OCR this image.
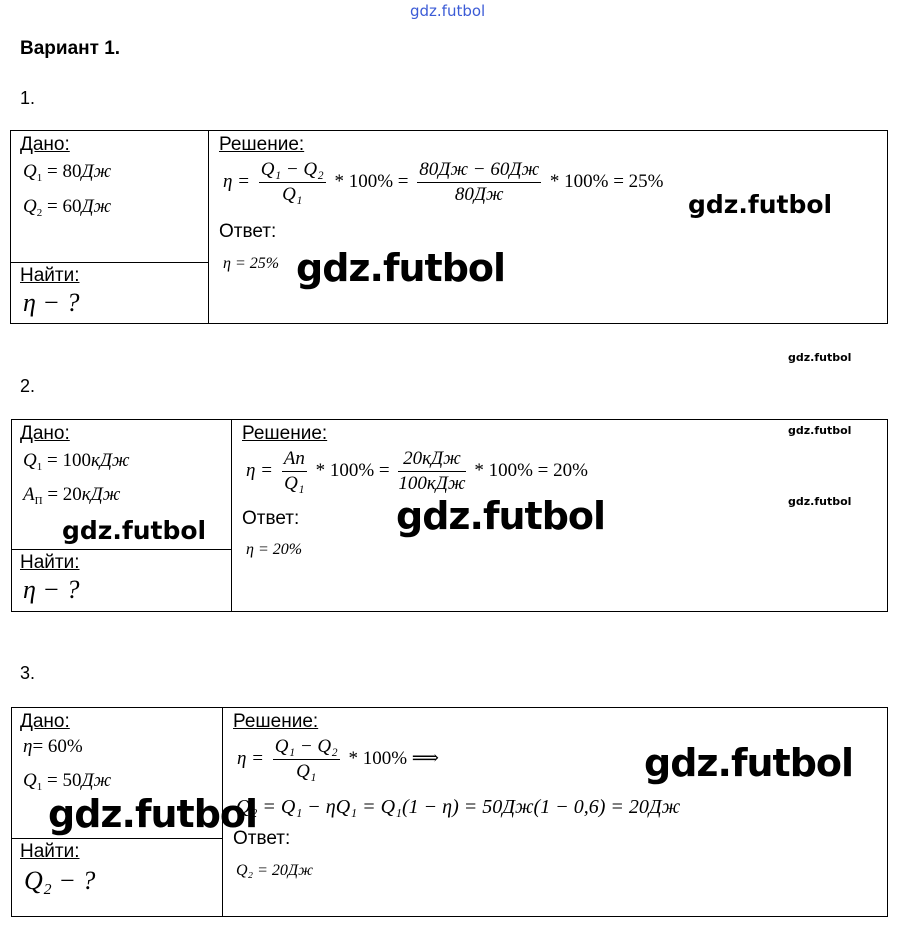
gdz.futbol
Вариант 1.
1.
Дано:
$Q_1 = 80Дж$
$Q_2 = 60Дж$
Найти:
η − ?
Решение:
$\eta = \frac{\text{Q₁ − Q₂}}{\text{Q₁}} * 100\% = \frac{80Дж - 60Дж}{80Дж} * 100\% = 25\%$
Ответ:
η = 25%
gdz.futbol
gdz.futbol
gdz.futbol
2.
Дано:
$Q_1 = 100кДж$
$A_П = 20кДж$
Найти:
η − ?
Решение:
$\eta = \frac{Aп}{\text{Q₁}} * 100\% = \frac{\text{20кДж}}{\text{100кДж}} * 100\% = 20\%$
Ответ:
η = 20%
gdz.futbol
gdz.futbol
gdz.futbol
gdz.futbol
3.
Дано:
η= 60%
$Q_1 = 50Дж$
Найти:
Q₂ − ?
Решение:
$\eta = \frac{\text{Q₁ − Q₂}}{\text{Q₁}} * 100\%$ ⟹
Q₂ = Q₁ − ηQ₁ = Q₁(1 − η) = 50Дж(1 − 0,6) = 20Дж
Ответ:
Q₂ = 20Дж
gdz.futbol
gdz.futbol
